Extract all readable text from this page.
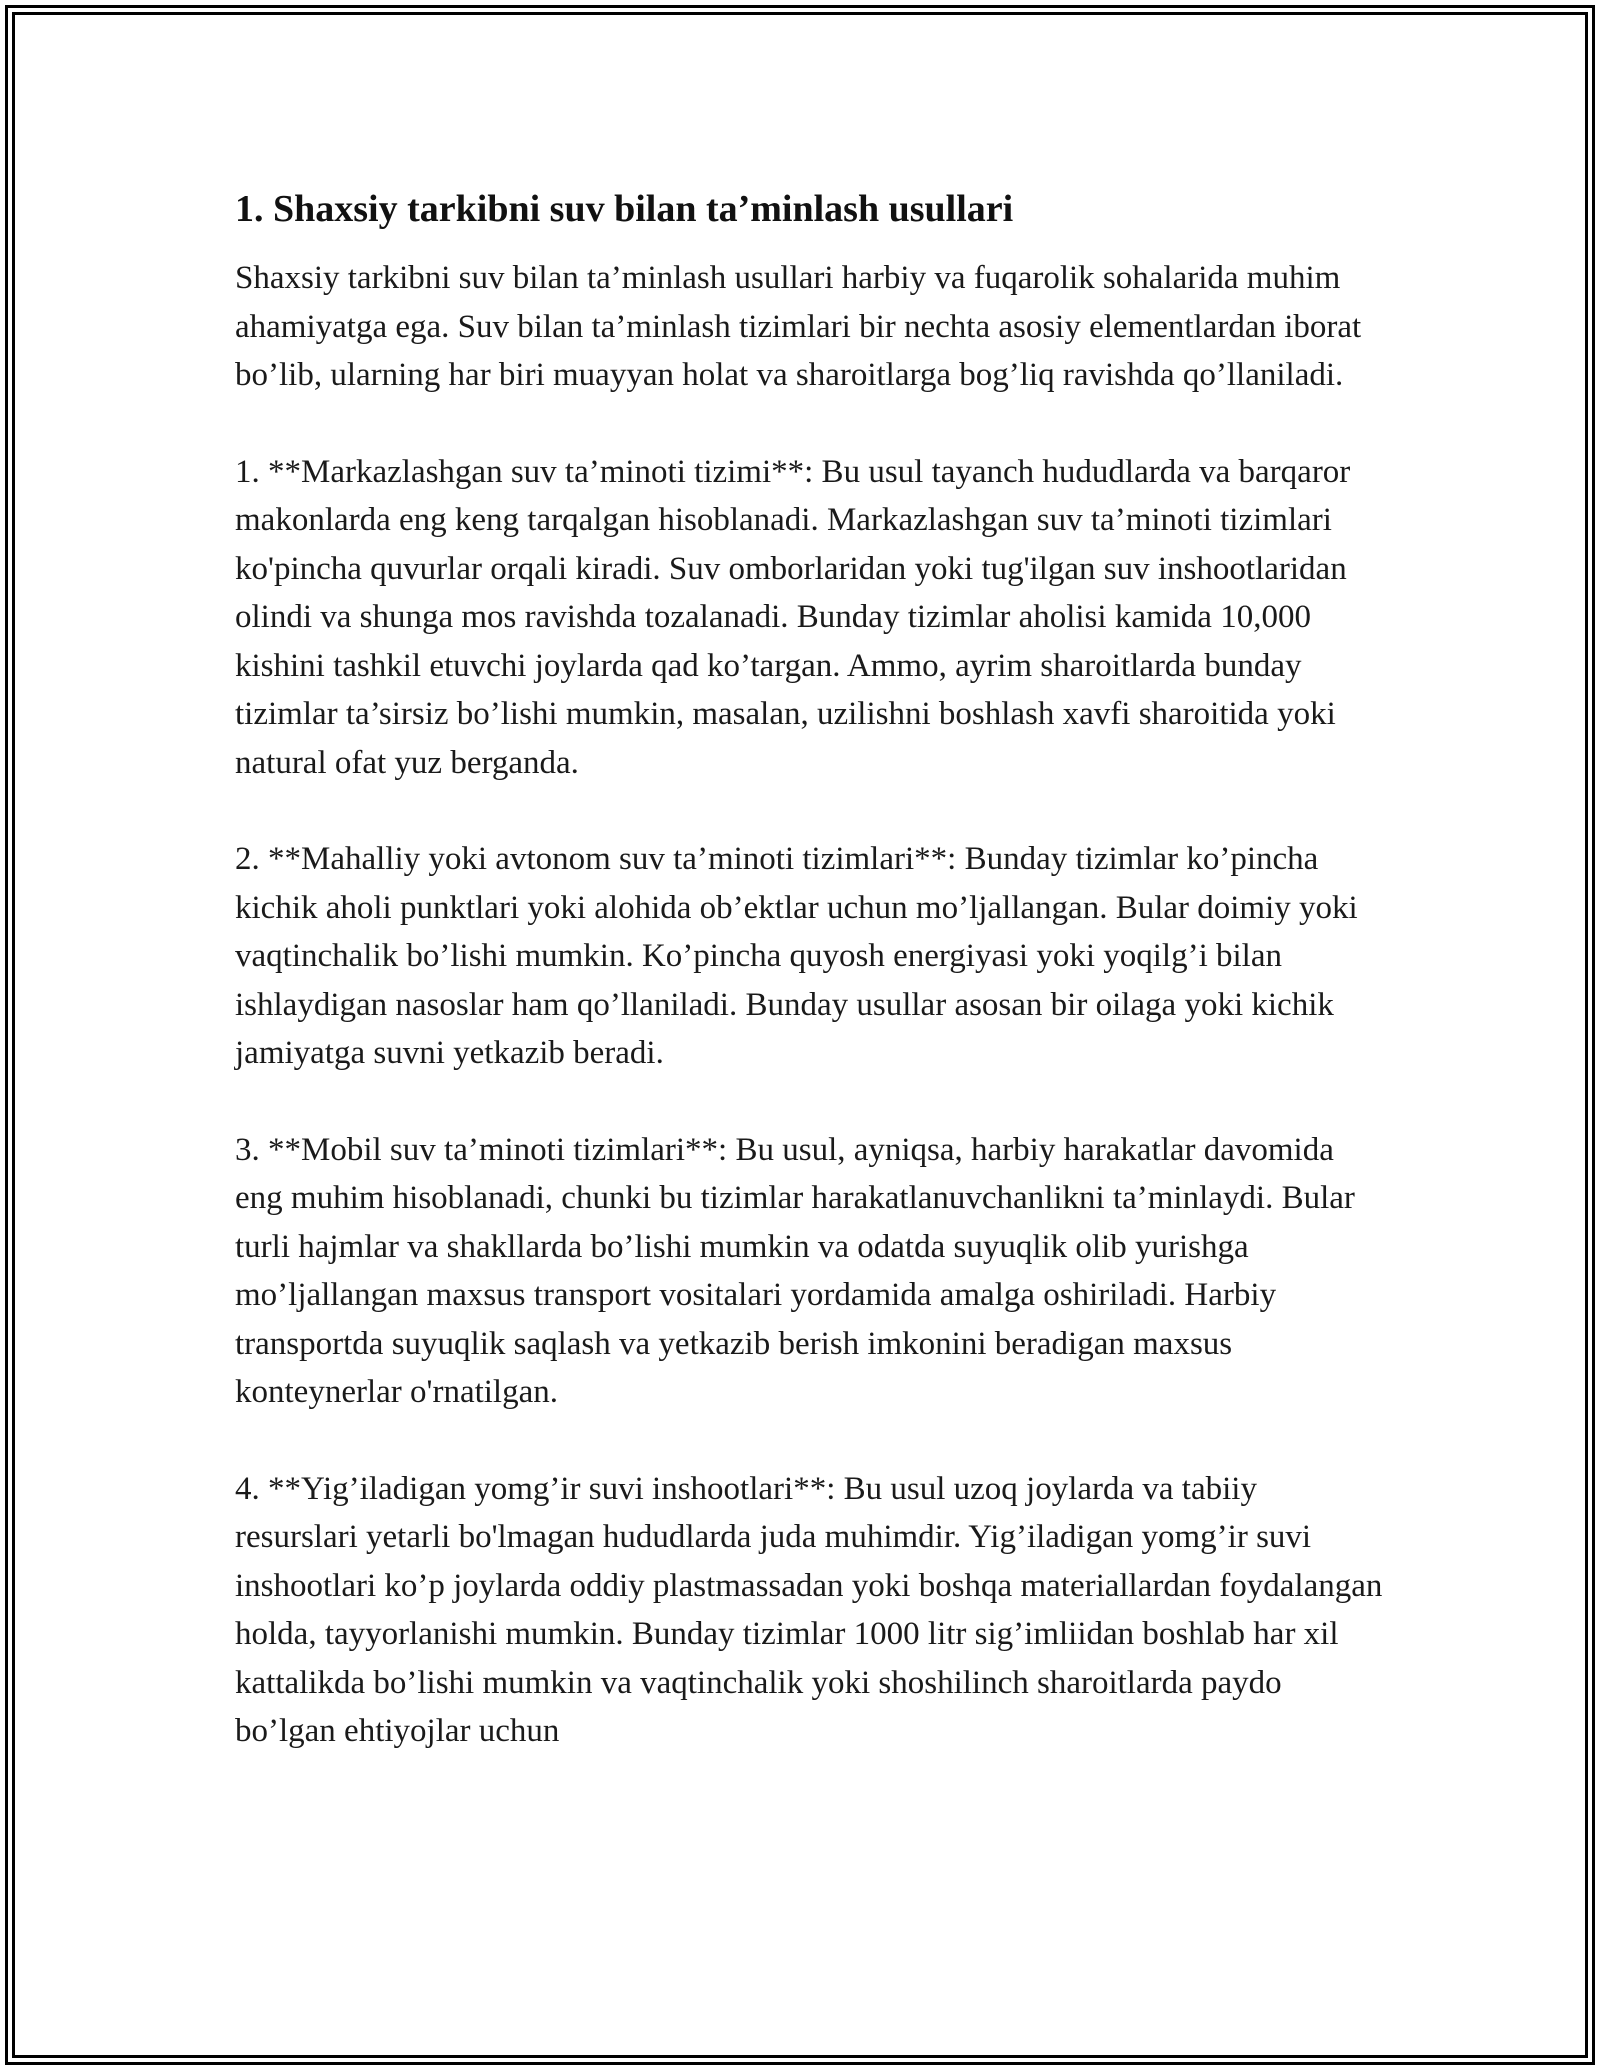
1. Shaxsiy tarkibni suv bilan ta’minlash usullari

Shaxsiy tarkibni suv bilan ta’minlash usullari harbiy va fuqarolik sohalarida muhim ahamiyatga ega. Suv bilan ta’minlash tizimlari bir nechta asosiy elementlardan iborat bo’lib, ularning har biri muayyan holat va sharoitlarga bog’liq ravishda qo’llaniladi.

1. **Markazlashgan suv ta’minoti tizimi**: Bu usul tayanch hududlarda va barqaror makonlarda eng keng tarqalgan hisoblanadi. Markazlashgan suv ta’minoti tizimlari ko'pincha quvurlar orqali kiradi. Suv omborlaridan yoki tug'ilgan suv inshootlaridan olindi va shunga mos ravishda tozalanadi. Bunday tizimlar aholisi kamida 10,000 kishini tashkil etuvchi joylarda qad ko’targan. Ammo, ayrim sharoitlarda bunday tizimlar ta’sirsiz bo’lishi mumkin, masalan, uzilishni boshlash xavfi sharoitida yoki natural ofat yuz berganda.

2. **Mahalliy yoki avtonom suv ta’minoti tizimlari**: Bunday tizimlar ko’pincha kichik aholi punktlari yoki alohida ob’ektlar uchun mo’ljallangan. Bular doimiy yoki vaqtinchalik bo’lishi mumkin. Ko’pincha quyosh energiyasi yoki yoqilg’i bilan ishlaydigan nasoslar ham qo’llaniladi. Bunday usullar asosan bir oilaga yoki kichik jamiyatga suvni yetkazib beradi.

3. **Mobil suv ta’minoti tizimlari**: Bu usul, ayniqsa, harbiy harakatlar davomida eng muhim hisoblanadi, chunki bu tizimlar harakatlanuvchanlikni ta’minlaydi. Bular turli hajmlar va shakllarda bo’lishi mumkin va odatda suyuqlik olib yurishga mo’ljallangan maxsus transport vositalari yordamida amalga oshiriladi. Harbiy transportda suyuqlik saqlash va yetkazib berish imkonini beradigan maxsus konteynerlar o'rnatilgan.

4. **Yig’iladigan yomg’ir suvi inshootlari**: Bu usul uzoq joylarda va tabiiy resurslari yetarli bo'lmagan hududlarda juda muhimdir. Yig’iladigan yomg’ir suvi inshootlari ko’p joylarda oddiy plastmassadan yoki boshqa materiallardan foydalangan holda, tayyorlanishi mumkin. Bunday tizimlar 1000 litr sig’imliidan boshlab har xil kattalikda bo’lishi mumkin va vaqtinchalik yoki shoshilinch sharoitlarda paydo bo’lgan ehtiyojlar uchun
